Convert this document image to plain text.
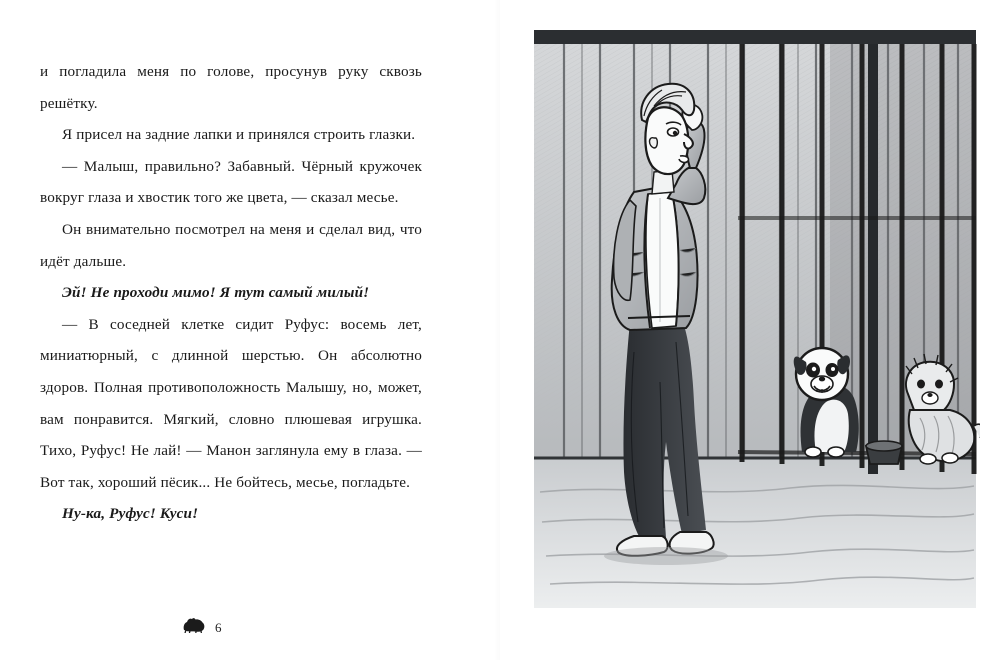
и погладила меня по голове, просунув руку сквозь решётку.

Я присел на задние лапки и принялся строить глазки.

— Малыш, правильно? Забавный. Чёрный кружочек вокруг глаза и хвостик того же цвета, — сказал месье.

Он внимательно посмотрел на меня и сделал вид, что идёт дальше.

Эй! Не проходи мимо! Я тут самый милый!

— В соседней клетке сидит Руфус: восемь лет, миниатюрный, с длинной шерстью. Он абсолютно здоров. Полная противоположность Малышу, но, может, вам понравится. Мягкий, словно плюшевая игрушка. Тихо, Руфус! Не лай! — Манон заглянула ему в глаза. — Вот так, хороший пёсик... Не бойтесь, месье, погладьте.

Ну-ка, Руфус! Куси!

6
